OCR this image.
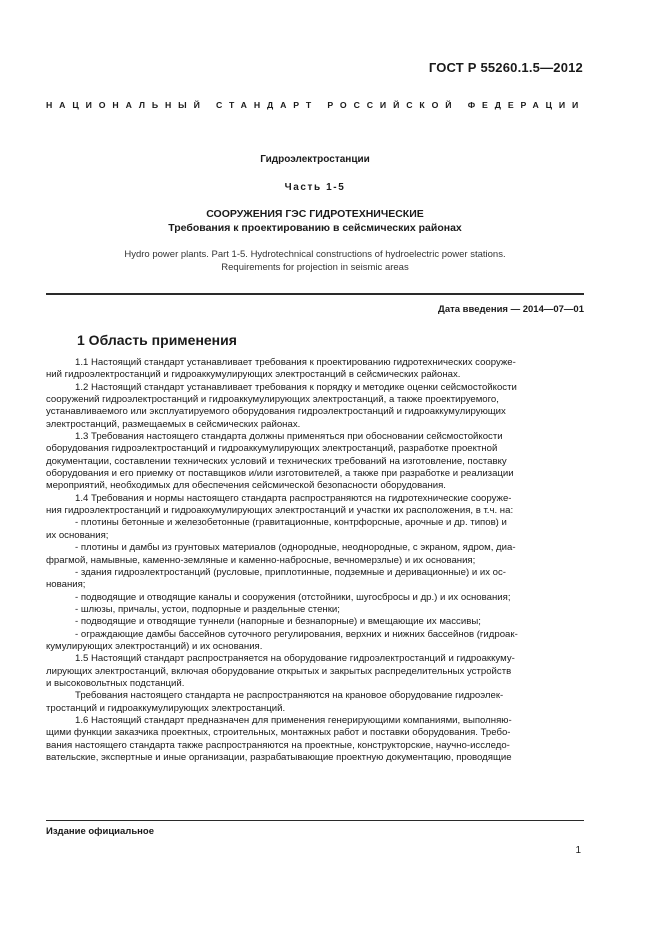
ГОСТ Р 55260.1.5—2012
НАЦИОНАЛЬНЫЙ СТАНДАРТ РОССИЙСКОЙ ФЕДЕРАЦИИ
Гидроэлектростанции
Часть 1-5
СООРУЖЕНИЯ ГЭС ГИДРОТЕХНИЧЕСКИЕ
Требования к проектированию в сейсмических районах
Hydro power plants. Part 1-5. Hydrotechnical constructions of hydroelectric power stations.
Requirements for projection in seismic areas
Дата введения — 2014—07—01
1 Область применения

1.1 Настоящий стандарт устанавливает требования к проектированию гидротехнических сооруже-

ний гидроэлектростанций и гидроаккумулирующих электростанций в сейсмических районах.

1.2 Настоящий стандарт устанавливает требования к порядку и методике оценки сейсмостойкости

сооружений гидроэлектростанций и гидроаккумулирующих электростанций, а также проектируемого,

устанавливаемого или эксплуатируемого оборудования гидроэлектростанций и гидроаккумулирующих

электростанций, размещаемых в сейсмических районах.

1.3 Требования настоящего стандарта должны применяться при обосновании сейсмостойкости

оборудования гидроэлектростанций и гидроаккумулирующих электростанций, разработке проектной

документации, составлении технических условий и технических требований на изготовление, поставку

оборудования и его приемку от поставщиков и/или изготовителей, а также при разработке и реализации

мероприятий, необходимых для обеспечения сейсмической безопасности оборудования.

1.4 Требования и нормы настоящего стандарта распространяются на гидротехнические сооруже-

ния гидроэлектростанций и гидроаккумулирующих электростанций и участки их расположения, в т.ч. на:

- плотины бетонные и железобетонные (гравитационные, контрфорсные, арочные и др. типов) и

их основания;

- плотины и дамбы из грунтовых материалов (однородные, неоднородные, с экраном, ядром, диа-

фрагмой, намывные, каменно-земляные и каменно-набросные, вечномерзлые) и их основания;

- здания гидроэлектростанций (русловые, приплотинные, подземные и деривационные) и их ос-

нования;

- подводящие и отводящие каналы и сооружения (отстойники, шугосбросы и др.) и их основания;

- шлюзы, причалы, устои, подпорные и раздельные стенки;

- подводящие и отводящие туннели (напорные и безнапорные) и вмещающие их массивы;

- ограждающие дамбы бассейнов суточного регулирования, верхних и нижних бассейнов (гидроак-

кумулирующих электростанций) и их основания.

1.5 Настоящий стандарт распространяется на оборудование гидроэлектростанций и гидроаккуму-

лирующих электростанций, включая оборудование открытых и закрытых распределительных устройств

и высоковольтных подстанций.

Требования настоящего стандарта не распространяются на крановое оборудование гидроэлек-

тростанций и гидроаккумулирующих электростанций.

1.6 Настоящий стандарт предназначен для применения генерирующими компаниями, выполняю-

щими функции заказчика проектных, строительных, монтажных работ и поставки оборудования. Требо-

вания настоящего стандарта также распространяются на проектные, конструкторские, научно-исследо-

вательские, экспертные и иные организации, разрабатывающие проектную документацию, проводящие

Издание официальное
1
